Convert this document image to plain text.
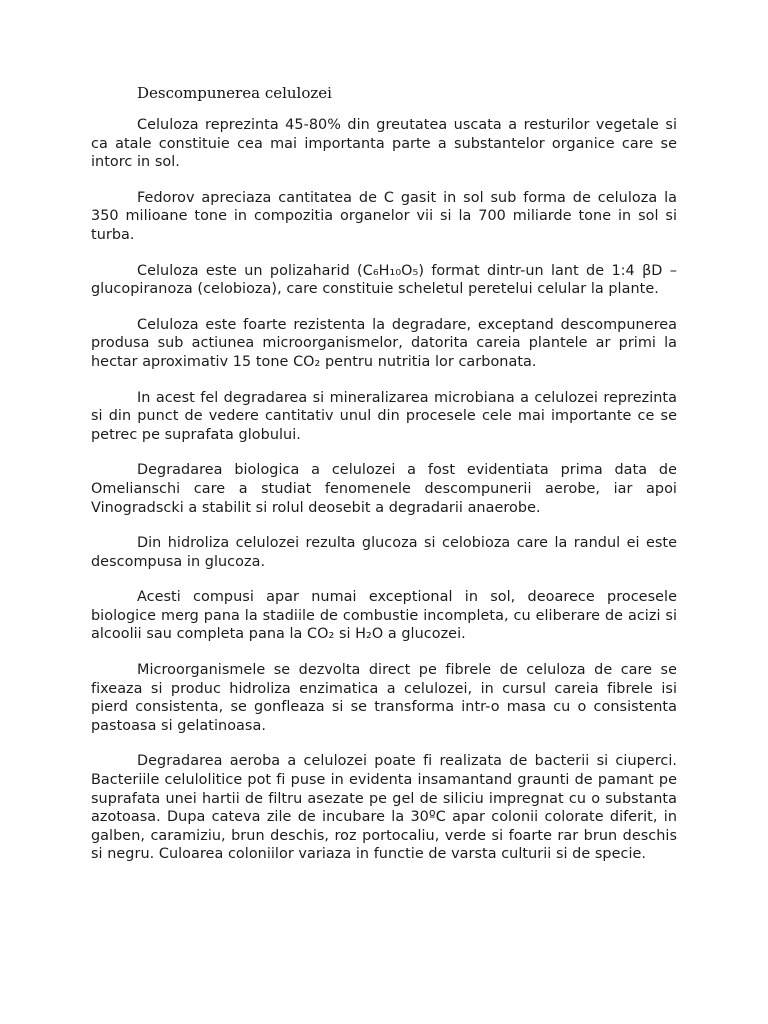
Descompunerea celulozei

Celuloza reprezinta 45-80% din greutatea uscata a resturilor vegetale si ca atale constituie cea mai importanta parte a substantelor organice care se intorc in sol.

Fedorov apreciaza cantitatea de C gasit in sol sub forma de celuloza la 350 milioane tone in compozitia organelor vii si la 700 miliarde tone in sol si turba.

Celuloza este un polizaharid (C₆H₁₀O₅) format dintr-un lant de 1:4 βD – glucopiranoza (celobioza), care constituie scheletul peretelui celular la plante.

Celuloza este foarte rezistenta la degradare, exceptand descompunerea produsa sub actiunea microorganismelor, datorita careia plantele ar primi la hectar aproximativ 15 tone CO₂ pentru nutritia lor carbonata.

In acest fel degradarea si mineralizarea microbiana a celulozei reprezinta si din punct de vedere cantitativ unul din procesele cele mai importante ce se petrec pe suprafata globului.

Degradarea biologica a celulozei a fost evidentiata prima data de Omelianschi care a studiat fenomenele descompunerii aerobe, iar apoi Vinogradscki a stabilit si rolul deosebit a degradarii anaerobe.

Din hidroliza celulozei rezulta glucoza si celobioza care la randul ei este descompusa in glucoza.

Acesti compusi apar numai exceptional in sol, deoarece procesele biologice merg pana la stadiile de combustie incompleta, cu eliberare de acizi si alcoolii sau completa pana la CO₂ si H₂O a glucozei.

Microorganismele se dezvolta direct pe fibrele de celuloza de care se fixeaza si produc hidroliza enzimatica a celulozei, in cursul careia fibrele isi pierd consistenta, se gonfleaza si se transforma intr-o masa cu o consistenta pastoasa si gelatinoasa.

Degradarea aeroba a celulozei poate fi realizata de bacterii si ciuperci. Bacteriile celulolitice pot fi puse in evidenta insamantand graunti de pamant pe suprafata unei hartii de filtru asezate pe gel de siliciu impregnat cu o substanta azotoasa. Dupa cateva zile de incubare la 30ºC apar colonii colorate diferit, in galben, caramiziu, brun deschis, roz portocaliu, verde si foarte rar brun deschis si negru. Culoarea coloniilor variaza in functie de varsta culturii si de specie.
